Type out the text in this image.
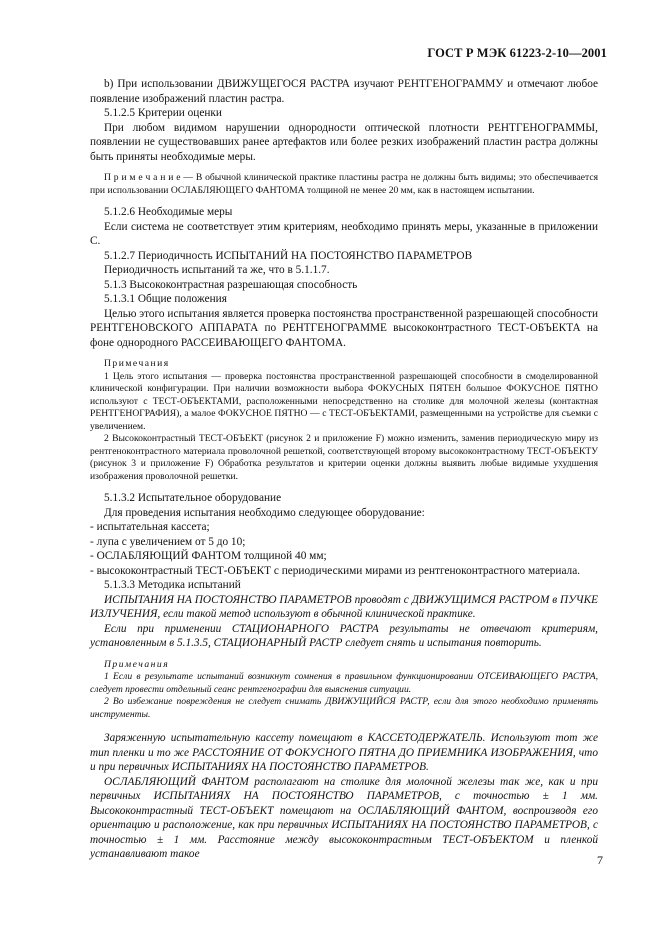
ГОСТ Р МЭК 61223-2-10—2001

b) При использовании ДВИЖУЩЕГОСЯ РАСТРА изучают РЕНТГЕНОГРАММУ и отмечают любое появление изображений пластин растра.

5.1.2.5 Критерии оценки

При любом видимом нарушении однородности оптической плотности РЕНТГЕНОГРАММЫ, появлении не существовавших ранее артефактов или более резких изображений пластин растра должны быть приняты необходимые меры.

П р и м е ч а н и е — В обычной клинической практике пластины растра не должны быть видимы; это обеспечивается при использовании ОСЛАБЛЯЮЩЕГО ФАНТОМА толщиной не менее 20 мм, как в настоящем испытании.

5.1.2.6 Необходимые меры

Если система не соответствует этим критериям, необходимо принять меры, указанные в приложении С.

5.1.2.7 Периодичность ИСПЫТАНИЙ НА ПОСТОЯНСТВО ПАРАМЕТРОВ

Периодичность испытаний та же, что в 5.1.1.7.

5.1.3 Высококонтрастная разрешающая способность

5.1.3.1 Общие положения

Целью этого испытания является проверка постоянства пространственной разрешающей способности РЕНТГЕНОВСКОГО АППАРАТА по РЕНТГЕНОГРАММЕ высококонтрастного ТЕСТ-ОБЪЕКТА на фоне однородного РАССЕИВАЮЩЕГО ФАНТОМА.

Примечания

1 Цель этого испытания — проверка постоянства пространственной разрешающей способности в смоделированной клинической конфигурации. При наличии возможности выбора ФОКУСНЫХ ПЯТЕН большое ФОКУСНОЕ ПЯТНО используют с ТЕСТ-ОБЪЕКТАМИ, расположенными непосредственно на столике для молочной железы (контактная РЕНТГЕНОГРАФИЯ), а малое ФОКУСНОЕ ПЯТНО — с ТЕСТ-ОБЪЕКТАМИ, размещенными на устройстве для съемки с увеличением.

2 Высококонтрастный ТЕСТ-ОБЪЕКТ (рисунок 2 и приложение F) можно изменить, заменив периодическую миру из рентгеноконтрастного материала проволочной решеткой, соответствующей второму высококонтрастному ТЕСТ-ОБЪЕКТУ (рисунок 3 и приложение F) Обработка результатов и критерии оценки должны выявить любые видимые ухудшения изображения проволочной решетки.

5.1.3.2 Испытательное оборудование

Для проведения испытания необходимо следующее оборудование:

- испытательная кассета;

- лупа с увеличением от 5 до 10;

- ОСЛАБЛЯЮЩИЙ ФАНТОМ толщиной 40 мм;

- высококонтрастный ТЕСТ-ОБЪЕКТ с периодическими мирами из рентгеноконтрастного материала.

5.1.3.3 Методика испытаний

ИСПЫТАНИЯ НА ПОСТОЯНСТВО ПАРАМЕТРОВ проводят с ДВИЖУЩИМСЯ РАСТРОМ в ПУЧКЕ ИЗЛУЧЕНИЯ, если такой метод используют в обычной клинической практике.

Если при применении СТАЦИОНАРНОГО РАСТРА результаты не отвечают критериям, установленным в 5.1.3.5, СТАЦИОНАРНЫЙ РАСТР следует снять и испытания повторить.

Примечания

1 Если в результате испытаний возникнут сомнения в правильном функционировании ОТСЕИВАЮЩЕГО РАСТРА, следует провести отдельный сеанс рентгенографии для выяснения ситуации.

2 Во избежание повреждения не следует снимать ДВИЖУЩИЙСЯ РАСТР, если для этого необходимо применять инструменты.

Заряженную испытательную кассету помещают в КАССЕТОДЕРЖАТЕЛЬ. Используют тот же тип пленки и то же РАССТОЯНИЕ ОТ ФОКУСНОГО ПЯТНА ДО ПРИЕМНИКА ИЗОБРАЖЕНИЯ, что и при первичных ИСПЫТАНИЯХ НА ПОСТОЯНСТВО ПАРАМЕТРОВ.

ОСЛАБЛЯЮЩИЙ ФАНТОМ располагают на столике для молочной железы так же, как и при первичных ИСПЫТАНИЯХ НА ПОСТОЯНСТВО ПАРАМЕТРОВ, с точностью ± 1 мм. Высококонтрастный ТЕСТ-ОБЪЕКТ помещают на ОСЛАБЛЯЮЩИЙ ФАНТОМ, воспроизводя его ориентацию и расположение, как при первичных ИСПЫТАНИЯХ НА ПОСТОЯНСТВО ПАРАМЕТРОВ, с точностью ± 1 мм. Расстояние между высококонтрастным ТЕСТ-ОБЪЕКТОМ и пленкой устанавливают такое	7
